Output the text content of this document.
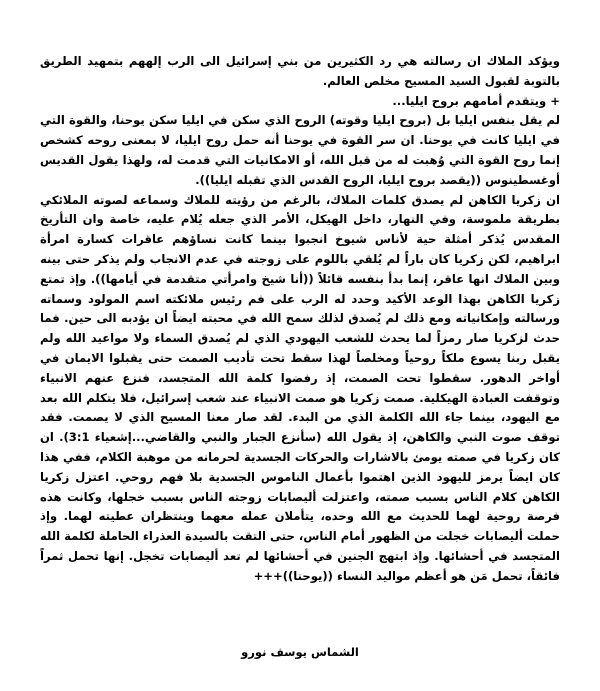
ويؤكد الملاك ان رسالته هي رد الكثيرين من بني إسرائيل الى الرب إلههم بتمهيد الطريق بالتوبة لقبول السيد المسيح مخلص العالم.

+ ويتقدم أمامهم بروح ايليا...

لم يقل بنفس ايليا بل (بروح ايليا وقوته) الروح الذي سكن في ايليا سكن يوحنا، والقوة التي في ايليا كانت في يوحنا. ان سر القوة في يوحنا أنه حمل روح ايليا، لا بمعنى روحه كشخص إنما روح القوة التي وُهبت له من قبل الله، أو الامكانيات التي قدمت له، ولهذا يقول القديس أوغسطينوس ((يقصد بروح ايليا، الروح القدس الذي تقبله ايليا)).

ان زكريا الكاهن لم يصدق كلمات الملاك، بالرغم من رؤيته للملاك وسماعه لصوته الملائكي بطريقة ملموسة، وفي النهار، داخل الهيكل، الأمر الذي جعله يُلام عليه، خاصة وان التأريخ المقدس يُذكر أمثلة حية لأناس شيوخ انجبوا بينما كانت نساؤهم عاقرات كسارة امرأة ابراهيم، لكن زكريا كان باراً لم يُلقي باللوم على زوجته في عدم الانجاب ولم يذكر حتى بينه وبين الملاك انها عاقر، إنما بدأ بنفسه قائلاً ((أنا شيخ وامرأتي متقدمة في أيامها)). وإذ تمتع زكريا الكاهن بهذا الوعد الأكيد وحدد له الرب على فم رئيس ملائكته اسم المولود وسماته ورسالته وإمكانياته ومع ذلك لم يُصدق لذلك سمح الله في محبته ايضاً ان يؤدبه الى حين. فما حدث لزكريا صار رمزاً لما يحدث للشعب اليهودي الذي لم يُصدق السماء ولا مواعيد الله ولم يقبل ربنا يسوع ملكاً روحياً ومخلصاً لهذا سقط تحت تأديب الصمت حتى يقبلوا الايمان في أواخر الدهور. سقطوا تحت الصمت، إذ رفضوا كلمة الله المتجسد، فنزع عنهم الانبياء وتوقفت العبادة الهيكلية. صمت زكريا هو صمت الانبياء عند شعب إسرائيل، فلا يتكلم الله بعد مع اليهود، بينما جاء الله الكلمة الذي من البدء. لقد صار معنا المسيح الذي لا يصمت. فقد توقف صوت النبي والكاهن، إذ يقول الله (سأنزع الجبار والنبي والقاضي...إشعياء 3:1). ان كان زكريا في صمته يومئ بالاشارات والحركات الجسدية لحرمانه من موهبة الكلام، ففي هذا كان ايضاً يرمز لليهود الذين اهتموا بأعمال الناموس الجسدية بلا فهم روحي. اعتزل زكريا الكاهن كلام الناس بسبب صمته، واعتزلت أليصابات زوجته الناس بسبب خجلها، وكانت هذه فرصة روحية لهما للحديث مع الله وحده، يتأملان عمله معهما وينتظران عطيته لهما. وإذ حملت أليصابات خجلت من الظهور أمام الناس، حتى التقت بالسيدة العذراء الحاملة لكلمة الله المتجسد في أحشائها. وإذ ابتهج الجنين في أحشائها لم تعد أليصابات تخجل. إنها تحمل ثمراً فائقاً، تحمل مَن هو أعظم مواليد النساء ((يوحنا))+++

الشماس يوسف نورو
